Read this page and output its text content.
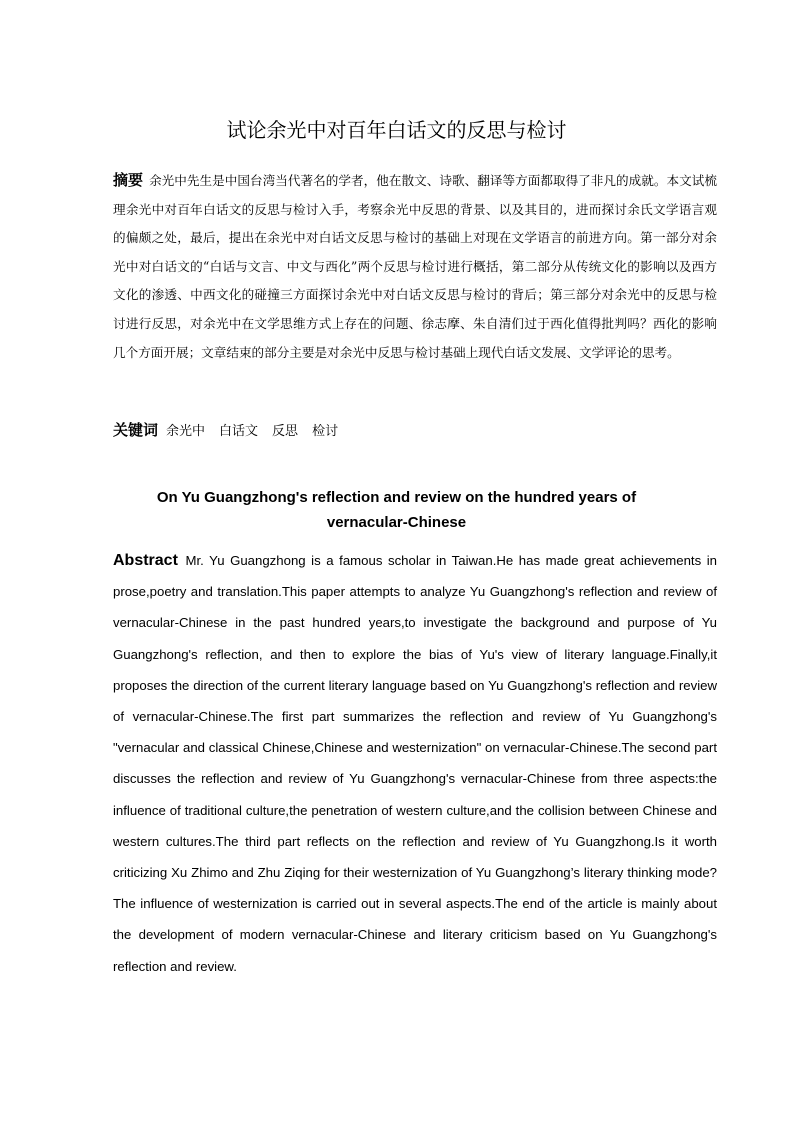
试论余光中对百年白话文的反思与检讨

摘要 余光中先生是中国台湾当代著名的学者，他在散文、诗歌、翻译等方面都取得了非凡的成就。本文试梳理余光中对百年白话文的反思与检讨入手，考察余光中反思的背景、以及其目的，进而探讨余氏文学语言观的偏颇之处，最后，提出在余光中对白话文反思与检讨的基础上对现在文学语言的前进方向。第一部分对余光中对白话文的“白话与文言、中文与西化”两个反思与检讨进行概括，第二部分从传统文化的影响以及西方文化的渗透、中西文化的碰撞三方面探讨余光中对白话文反思与检讨的背后；第三部分对余光中的反思与检讨进行反思，对余光中在文学思维方式上存在的问题、徐志摩、朱自清们过于西化值得批判吗？西化的影响几个方面开展；文章结束的部分主要是对余光中反思与检讨基础上现代白话文发展、文学评论的思考。

关键词 余光中 白话文 反思 检讨

On Yu Guangzhong's reflection and review on the hundred years of vernacular-Chinese

Abstract Mr. Yu Guangzhong is a famous scholar in Taiwan.He has made great achievements in prose,poetry and translation.This paper attempts to analyze Yu Guangzhong's reflection and review of vernacular-Chinese in the past hundred years,to investigate the background and purpose of Yu Guangzhong's reflection, and then to explore the bias of Yu's view of literary language.Finally,it proposes the direction of the current literary language based on Yu Guangzhong's reflection and review of vernacular-Chinese.The first part summarizes the reflection and review of Yu Guangzhong's "vernacular and classical Chinese,Chinese and westernization" on vernacular-Chinese.The second part discusses the reflection and review of Yu Guangzhong's vernacular-Chinese from three aspects:the influence of traditional culture,the penetration of western culture,and the collision between Chinese and western cultures.The third part reflects on the reflection and review of Yu Guangzhong.Is it worth criticizing Xu Zhimo and Zhu Ziqing for their westernization of Yu Guangzhong’s literary thinking mode?The influence of westernization is carried out in several aspects.The end of the article is mainly about the development of modern vernacular-Chinese and literary criticism based on Yu Guangzhong's reflection and review.
